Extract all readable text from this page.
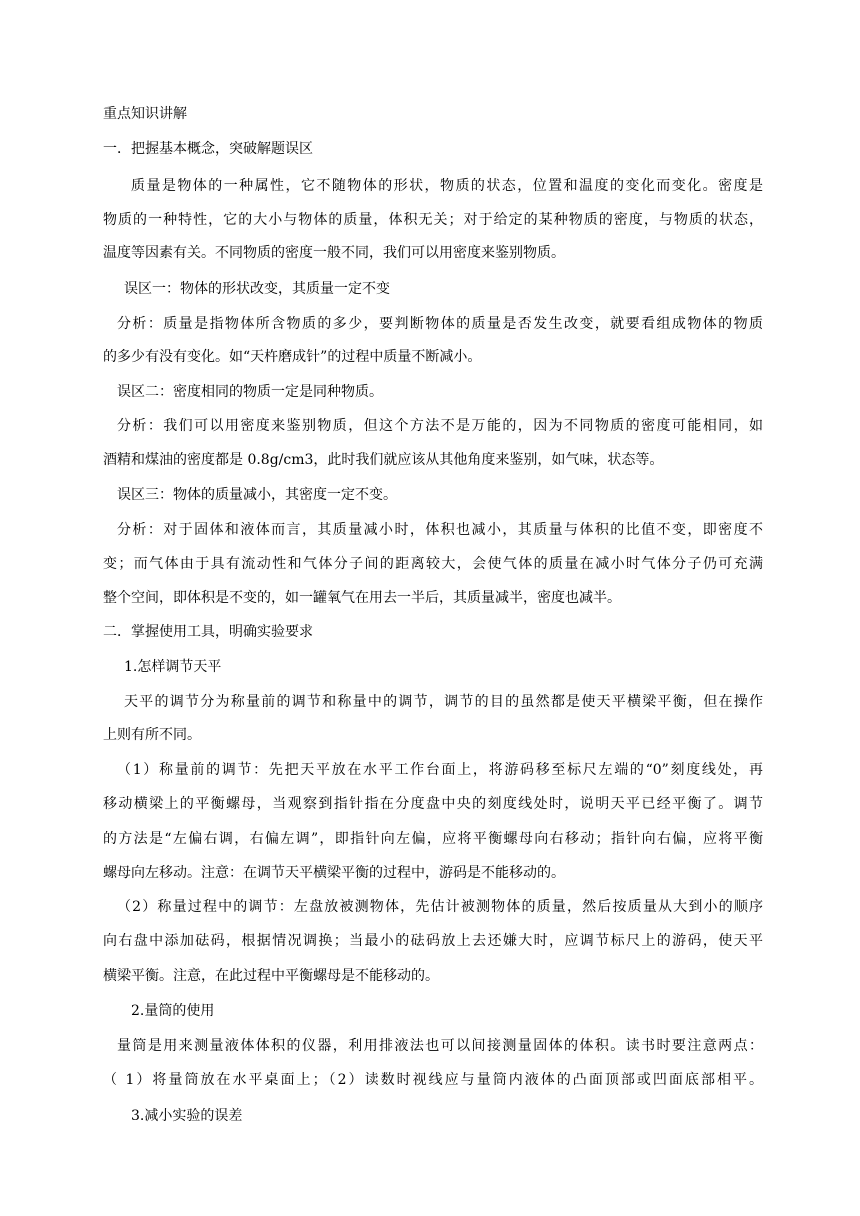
重点知识讲解
一．把握基本概念，突破解题误区
质量是物体的一种属性，它不随物体的形状，物质的状态，位置和温度的变化而变化。密度是
物质的一种特性，它的大小与物体的质量，体积无关；对于给定的某种物质的密度，与物质的状态，
温度等因素有关。不同物质的密度一般不同，我们可以用密度来鉴别物质。
误区一：物体的形状改变，其质量一定不变
分析：质量是指物体所含物质的多少，要判断物体的质量是否发生改变，就要看组成物体的物质
的多少有没有变化。如“天杵磨成针”的过程中质量不断减小。
误区二：密度相同的物质一定是同种物质。
分析：我们可以用密度来鉴别物质，但这个方法不是万能的，因为不同物质的密度可能相同，如
酒精和煤油的密度都是 0.8g/cm3，此时我们就应该从其他角度来鉴别，如气味，状态等。
误区三：物体的质量减小，其密度一定不变。
分析：对于固体和液体而言，其质量减小时，体积也减小，其质量与体积的比值不变，即密度不
变；而气体由于具有流动性和气体分子间的距离较大，会使气体的质量在减小时气体分子仍可充满
整个空间，即体积是不变的，如一罐氧气在用去一半后，其质量减半，密度也减半。
二．掌握使用工具，明确实验要求
1.怎样调节天平
天平的调节分为称量前的调节和称量中的调节，调节的目的虽然都是使天平横梁平衡，但在操作
上则有所不同。
（1）称量前的调节：先把天平放在水平工作台面上，将游码移至标尺左端的“0”刻度线处，再
移动横梁上的平衡螺母，当观察到指针指在分度盘中央的刻度线处时，说明天平已经平衡了。调节
的方法是“左偏右调，右偏左调”，即指针向左偏，应将平衡螺母向右移动；指针向右偏，应将平衡
螺母向左移动。注意：在调节天平横梁平衡的过程中，游码是不能移动的。
（2）称量过程中的调节：左盘放被测物体，先估计被测物体的质量，然后按质量从大到小的顺序
向右盘中添加砝码，根据情况调换；当最小的砝码放上去还嫌大时，应调节标尺上的游码，使天平
横梁平衡。注意，在此过程中平衡螺母是不能移动的。
2.量筒的使用
量筒是用来测量液体体积的仪器，利用排液法也可以间接测量固体的体积。读书时要注意两点：
（ 1）将量筒放在水平桌面上；（2）读数时视线应与量筒内液体的凸面顶部或凹面底部相平。
3.减小实验的误差
